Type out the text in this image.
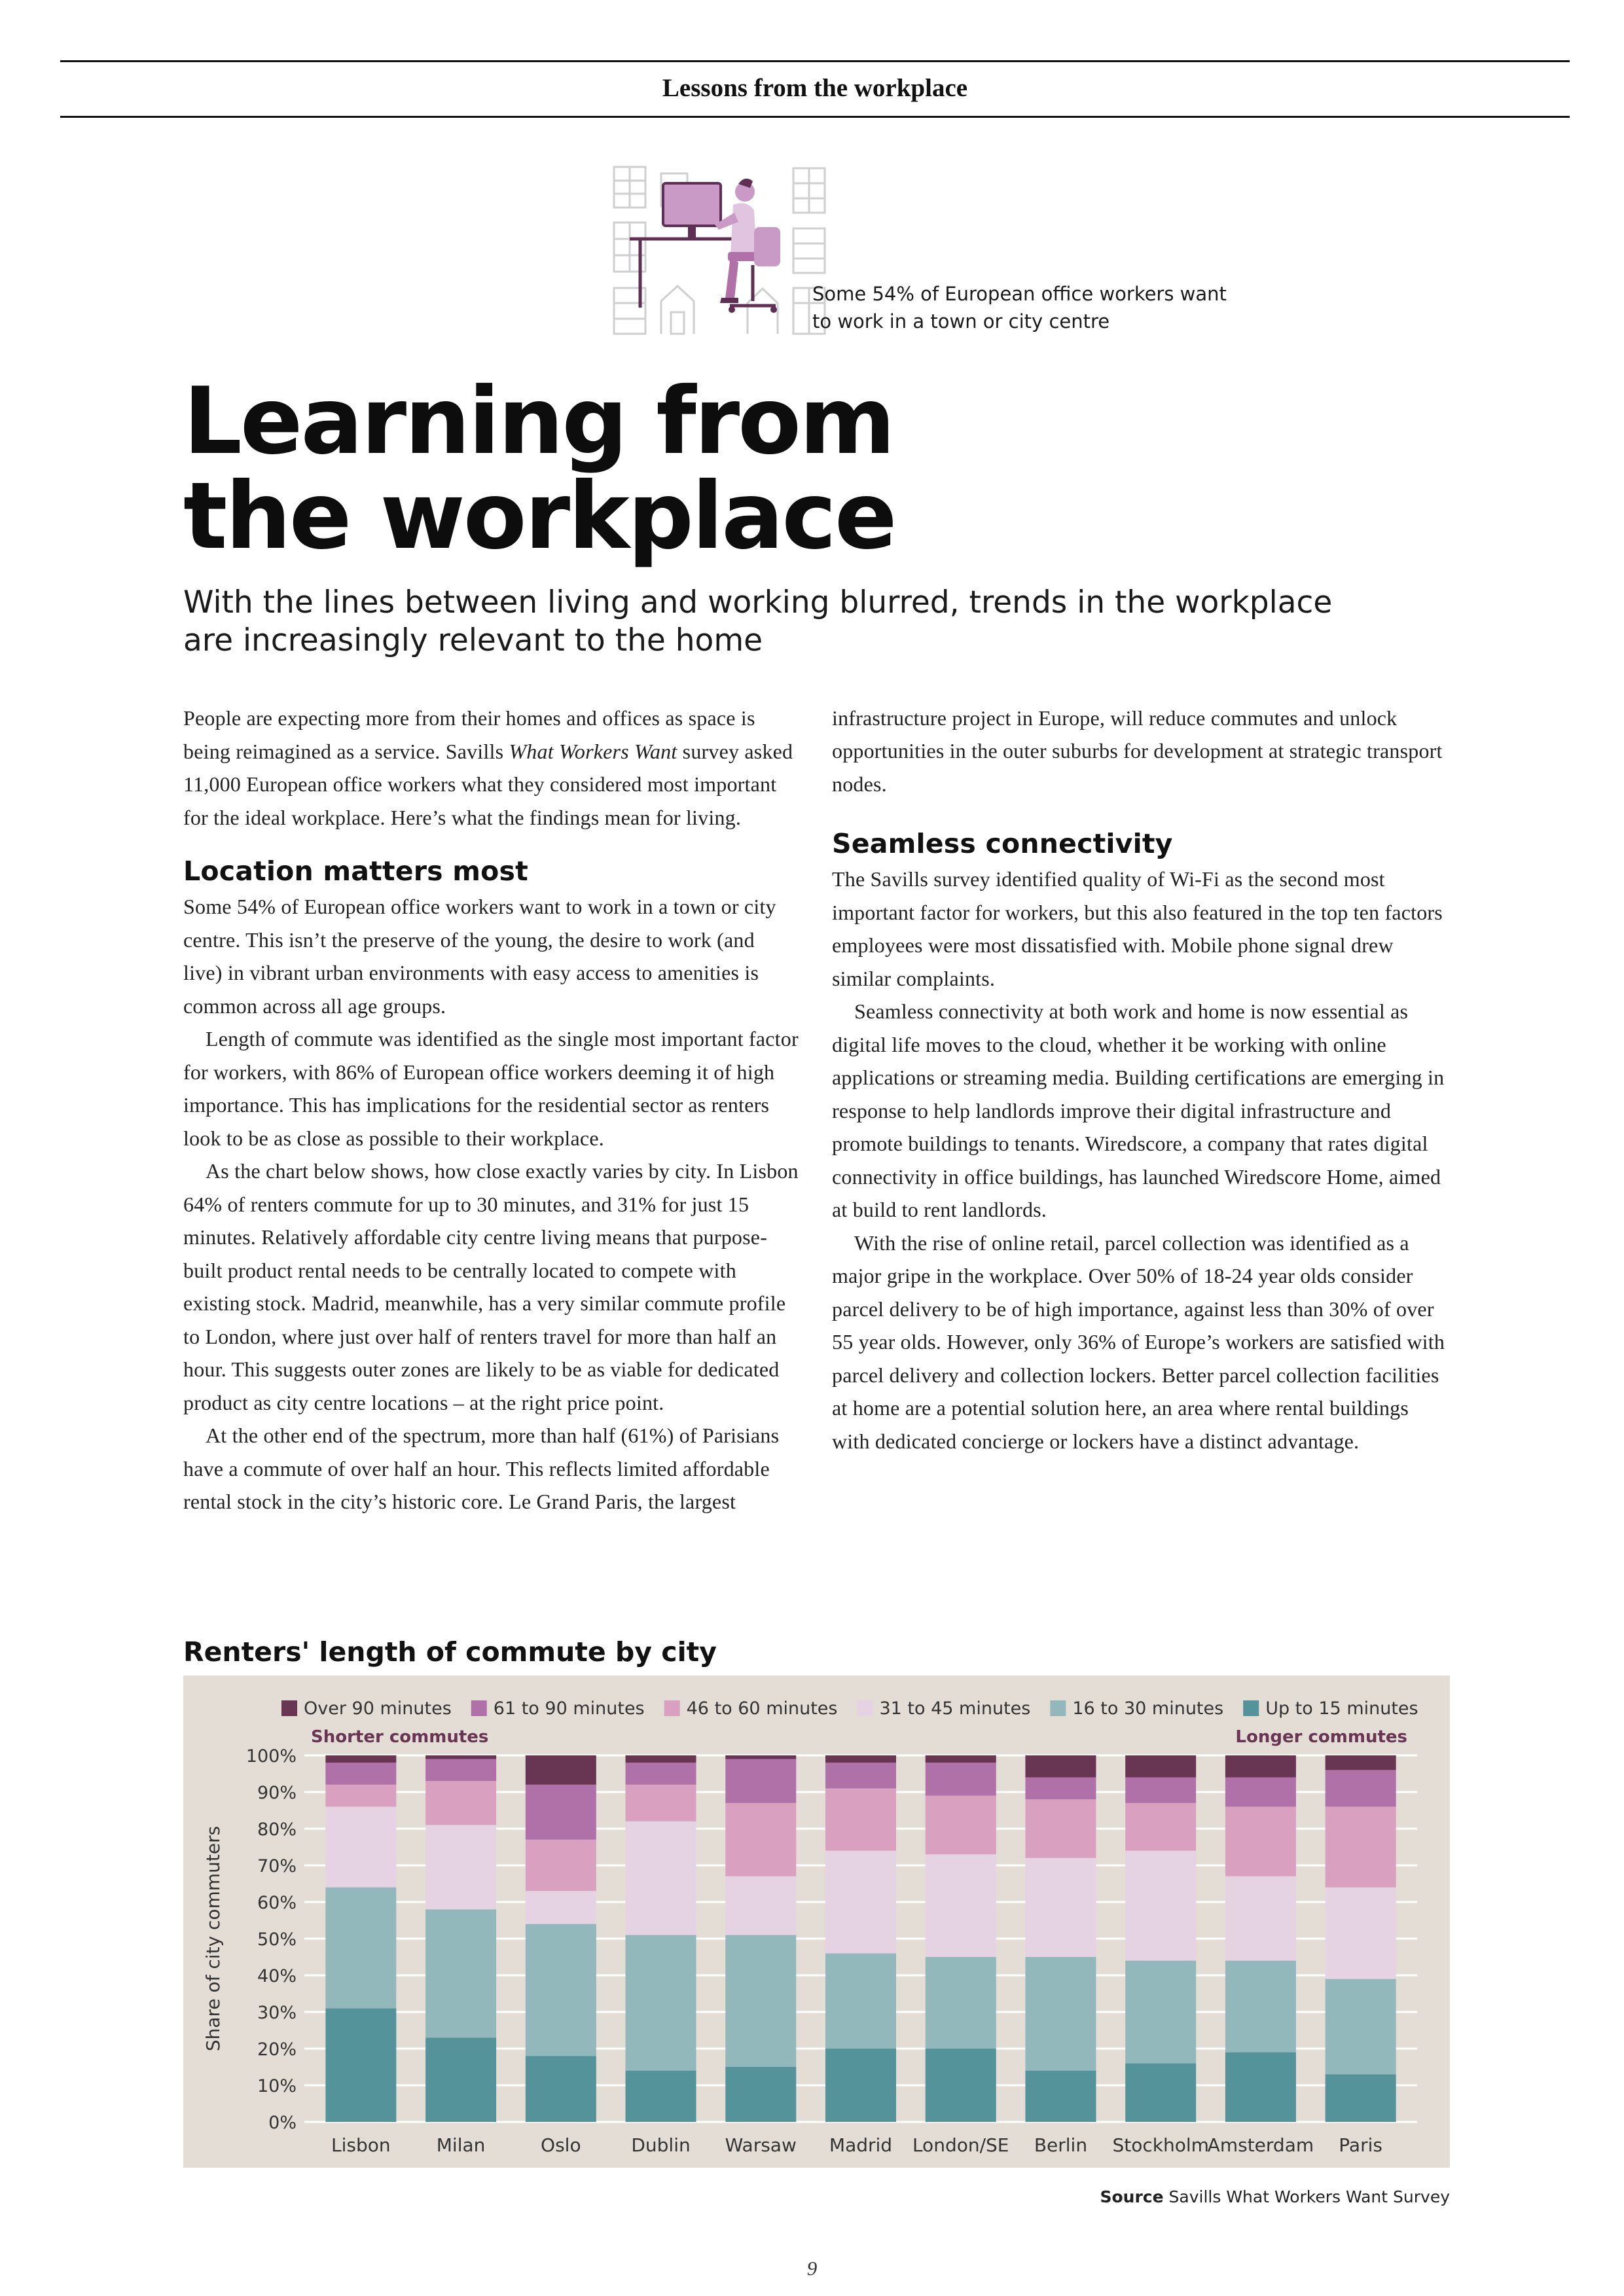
Lessons from the workplace
Some 54% of European office workers want to work in a town or city centre
Learning from
the workplace

With the lines between living and working blurred, trends in the workplace are increasingly relevant to the home

People are expecting more from their homes and offices as space is being reimagined as a service. Savills What Workers Want survey asked 11,000 European office workers what they considered most important for the ideal workplace. Here’s what the findings mean for living.

Location matters most

Some 54% of European office workers want to work in a town or city centre. This isn’t the preserve of the young, the desire to work (and live) in vibrant urban environments with easy access to amenities is common across all age groups.

Length of commute was identified as the single most important factor for workers, with 86% of European office workers deeming it of high importance. This has implications for the residential sector as renters look to be as close as possible to their workplace.

As the chart below shows, how close exactly varies by city. In Lisbon 64% of renters commute for up to 30 minutes, and 31% for just 15 minutes. Relatively affordable city centre living means that purpose-built product rental needs to be centrally located to compete with existing stock. Madrid, meanwhile, has a very similar commute profile to London, where just over half of renters travel for more than half an hour. This suggests outer zones are likely to be as viable for dedicated product as city centre locations – at the right price point.

At the other end of the spectrum, more than half (61%) of Parisians have a commute of over half an hour. This reflects limited affordable rental stock in the city’s historic core. Le Grand Paris, the largest

infrastructure project in Europe, will reduce commutes and unlock opportunities in the outer suburbs for development at strategic transport nodes.

Seamless connectivity

The Savills survey identified quality of Wi-Fi as the second most important factor for workers, but this also featured in the top ten factors employees were most dissatisfied with. Mobile phone signal drew similar complaints.

Seamless connectivity at both work and home is now essential as digital life moves to the cloud, whether it be working with online applications or streaming media. Building certifications are emerging in response to help landlords improve their digital infrastructure and promote buildings to tenants. Wiredscore, a company that rates digital connectivity in office buildings, has launched Wiredscore Home, aimed at build to rent landlords.

With the rise of online retail, parcel collection was identified as a major gripe in the workplace. Over 50% of 18-24 year olds consider parcel delivery to be of high importance, against less than 30% of over 55 year olds. However, only 36% of Europe’s workers are satisfied with parcel delivery and collection lockers. Better parcel collection facilities at home are a potential solution here, an area where rental buildings with dedicated concierge or lockers have a distinct advantage.

Renters' length of commute by city
0%
10%
20%
30%
40%
50%
60%
70%
80%
90%
100%
Lisbon	Milan	Oslo	Dublin Warsaw Madrid London/SE Berlin Stockholm
Amsterdam Paris
Over 90 minutes 61 to 90 minutes 46 to 60 minutes 31 to 45 minutes 16 to 30 minutes Up to 15 minutes
Shorter commutes	Longer commutes
Share of city commuters
Source Savills What Workers Want Survey
9
